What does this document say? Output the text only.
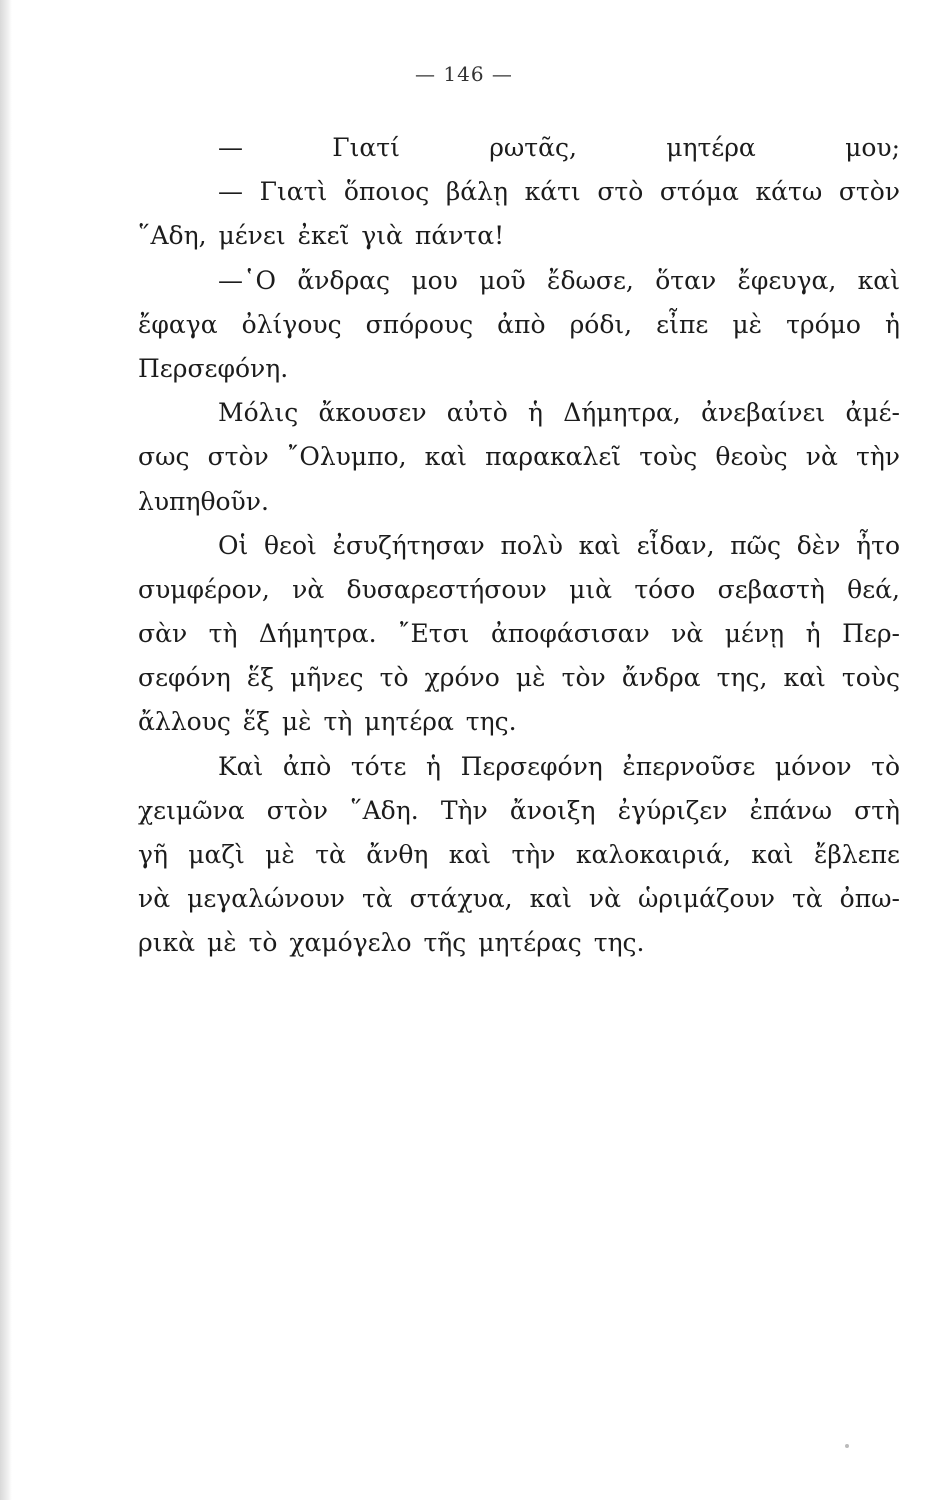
— 146 —
— Γιατί ρωτᾶς, μητέρα μου;
— Γιατὶ ὅποιος βάλῃ κάτι στὸ στόμα κάτω στὸν
῞Αδη, μένει ἐκεῖ γιὰ πάντα!
—῾Ο ἄνδρας μου μοῦ ἔδωσε, ὅταν ἔφευγα, καὶ
ἔφαγα ὀλίγους σπόρους ἀπὸ ρόδι, εἶπε μὲ τρόμο ἡ
Περσεφόνη.
Μόλις ἄκουσεν αὐτὸ ἡ Δήμητρα, ἀνεβαίνει ἀμέ-
σως στὸν ῎Ολυμπο, καὶ παρακαλεῖ τοὺς θεοὺς νὰ τὴν
λυπηθοῦν.
Οἱ θεοὶ ἐσυζήτησαν πολὺ καὶ εἶδαν, πῶς δὲν ἦτο
συμφέρον, νὰ δυσαρεστήσουν μιὰ τόσο σεβαστὴ θεά,
σὰν τὴ Δήμητρα. ῎Ετσι ἀποφάσισαν νὰ μένῃ ἡ Περ-
σεφόνη ἕξ μῆνες τὸ χρόνο μὲ τὸν ἄνδρα της, καὶ τοὺς
ἄλλους ἕξ μὲ τὴ μητέρα της.
Καὶ ἀπὸ τότε ἡ Περσεφόνη ἐπερνοῦσε μόνον τὸ
χειμῶνα στὸν ῞Αδη. Τὴν ἄνοιξη ἐγύριζεν ἐπάνω στὴ
γῆ μαζὶ μὲ τὰ ἄνθη καὶ τὴν καλοκαιριά, καὶ ἔβλεπε
νὰ μεγαλώνουν τὰ στάχυα, καὶ νὰ ὡριμάζουν τὰ ὀπω-
ρικὰ μὲ τὸ χαμόγελο τῆς μητέρας της.
